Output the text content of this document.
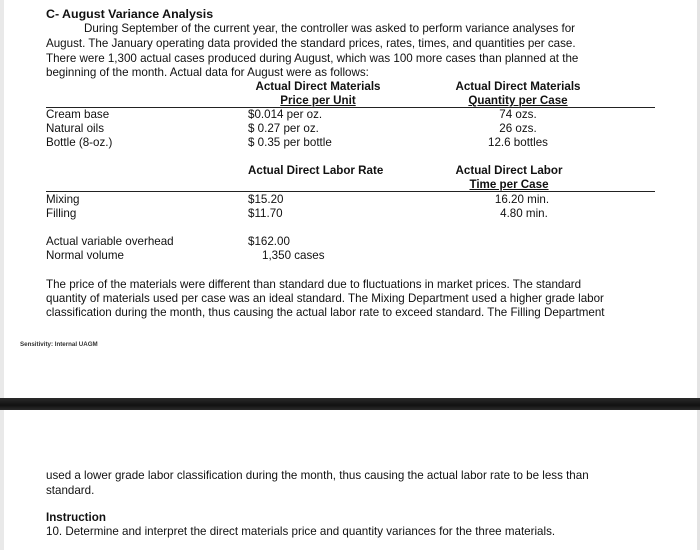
C- August Variance Analysis
During September of the current year, the controller was asked to perform variance analyses for
August. The January operating data provided the standard prices, rates, times, and quantities per case.
There were 1,300 actual cases produced during August, which was 100 more cases than planned at the
beginning of the month. Actual data for August were as follows:
Actual Direct Materials
Price per Unit
Actual Direct Materials
Quantity per Case
Cream base	$0.014 per oz.	74 ozs.
Natural oils	$ 0.27 per oz.	26 ozs.
Bottle (8-oz.)	$ 0.35 per bottle	12.6 bottles
Actual Direct Labor Rate	Actual Direct Labor
Time per Case
Mixing	$15.20	16.20 min.
Filling	$11.70	4.80 min.
Actual variable overhead	$162.00
Normal volume	1,350 cases
The price of the materials were different than standard due to fluctuations in market prices. The standard
quantity of materials used per case was an ideal standard. The Mixing Department used a higher grade labor
classification during the month, thus causing the actual labor rate to exceed standard. The Filling Department
Sensitivity: Internal UAGM
used a lower grade labor classification during the month, thus causing the actual labor rate to be less than
standard.
Instruction
10. Determine and interpret the direct materials price and quantity variances for the three materials.
